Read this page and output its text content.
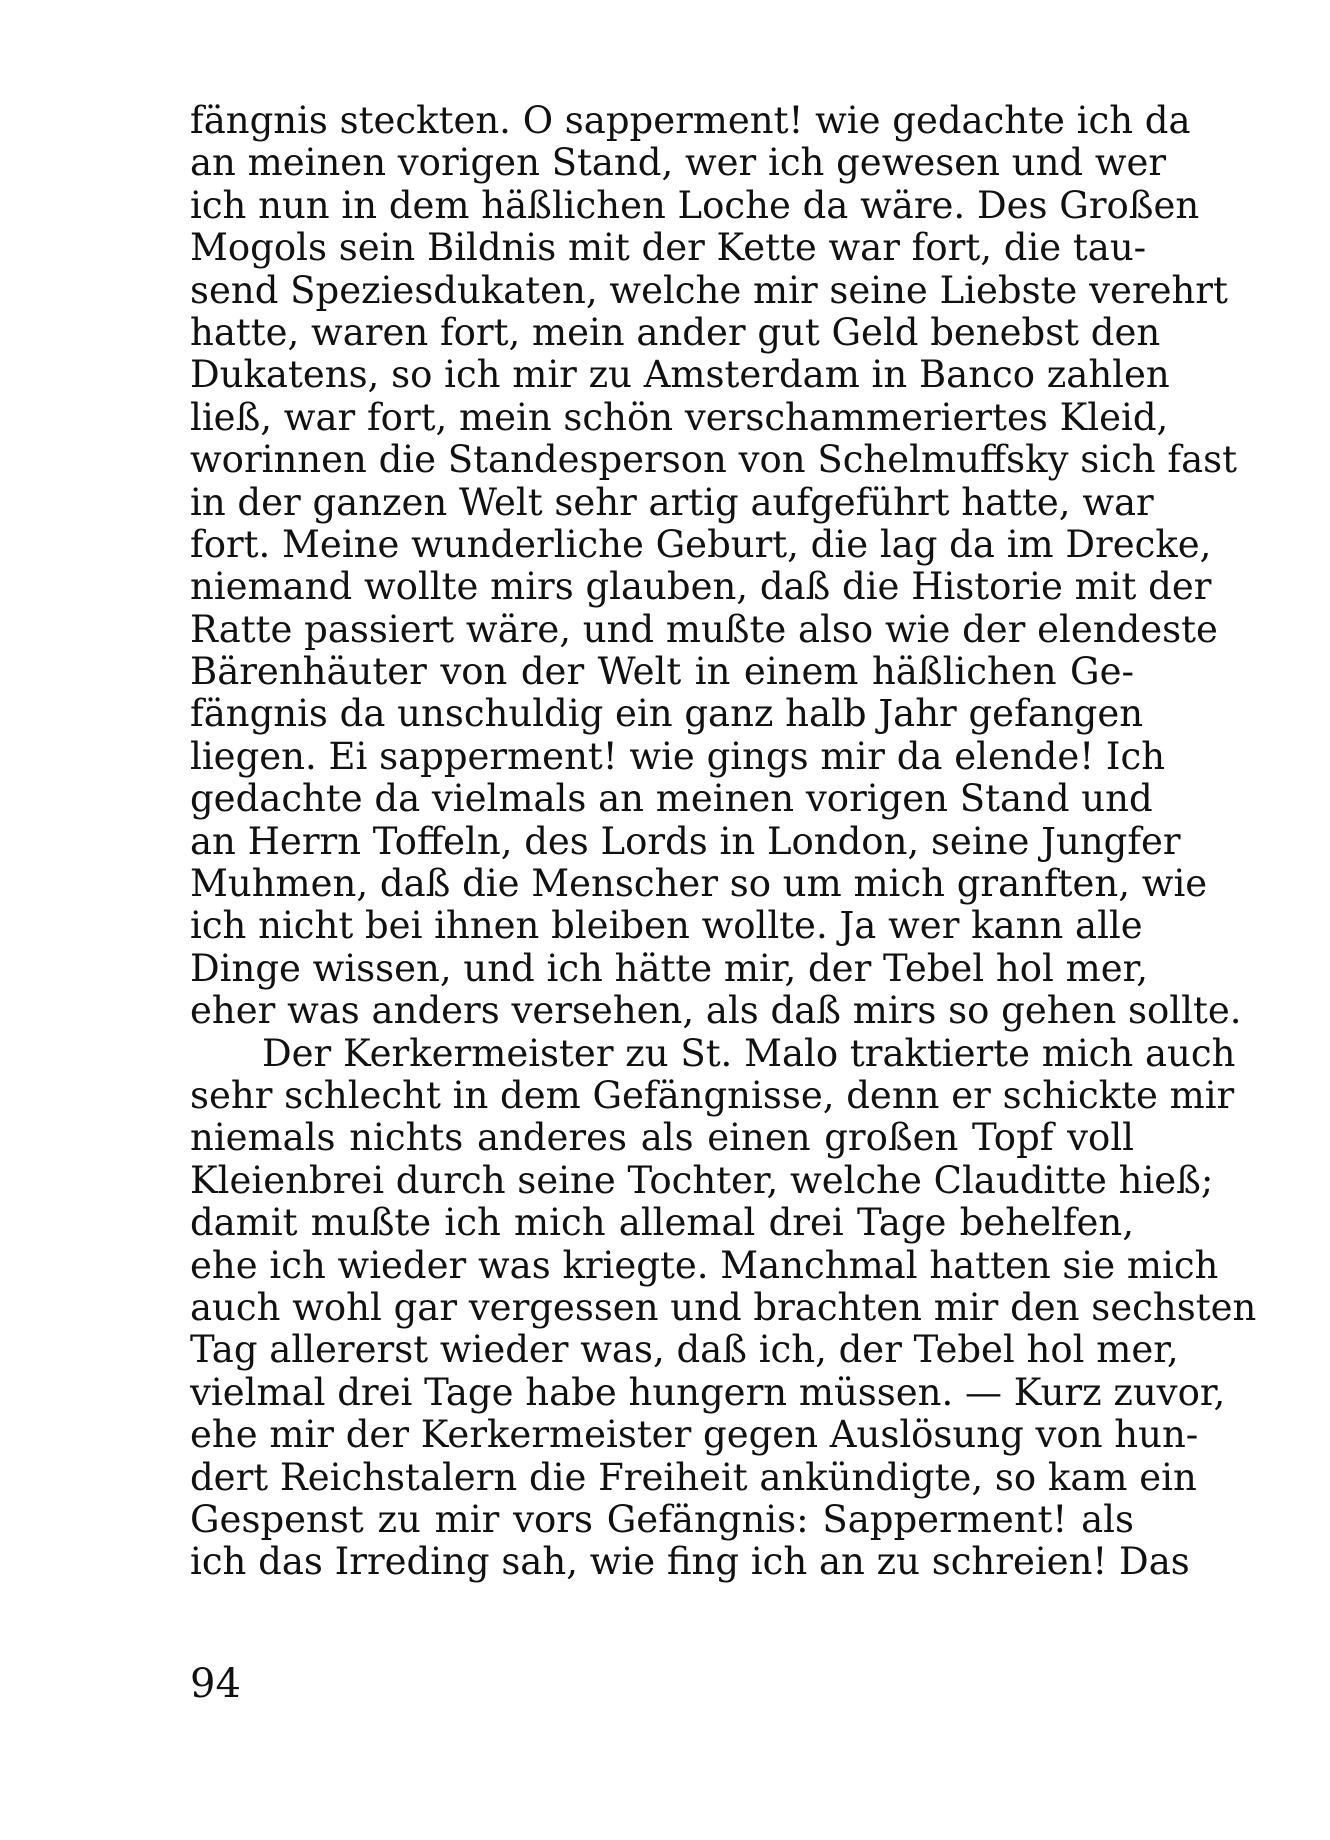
fängnis steckten. O sapperment! wie gedachte ich da
an meinen vorigen Stand, wer ich gewesen und wer
ich nun in dem häßlichen Loche da wäre. Des Großen
Mogols sein Bildnis mit der Kette war fort, die tau-
send Speziesdukaten, welche mir seine Liebste verehrt
hatte, waren fort, mein ander gut Geld benebst den
Dukatens, so ich mir zu Amsterdam in Banco zahlen
ließ, war fort, mein schön verschammeriertes Kleid,
worinnen die Standesperson von Schelmuffsky sich fast
in der ganzen Welt sehr artig aufgeführt hatte, war
fort. Meine wunderliche Geburt, die lag da im Drecke,
niemand wollte mirs glauben, daß die Historie mit der
Ratte passiert wäre, und mußte also wie der elendeste
Bärenhäuter von der Welt in einem häßlichen Ge-
fängnis da unschuldig ein ganz halb Jahr gefangen
liegen. Ei sapperment! wie gings mir da elende! Ich
gedachte da vielmals an meinen vorigen Stand und
an Herrn Toffeln, des Lords in London, seine Jungfer
Muhmen, daß die Menscher so um mich granften, wie
ich nicht bei ihnen bleiben wollte. Ja wer kann alle
Dinge wissen, und ich hätte mir, der Tebel hol mer,
eher was anders versehen, als daß mirs so gehen sollte.
Der Kerkermeister zu St. Malo traktierte mich auch
sehr schlecht in dem Gefängnisse, denn er schickte mir
niemals nichts anderes als einen großen Topf voll
Kleienbrei durch seine Tochter, welche Clauditte hieß;
damit mußte ich mich allemal drei Tage behelfen,
ehe ich wieder was kriegte. Manchmal hatten sie mich
auch wohl gar vergessen und brachten mir den sechsten
Tag allererst wieder was, daß ich, der Tebel hol mer,
vielmal drei Tage habe hungern müssen. — Kurz zuvor,
ehe mir der Kerkermeister gegen Auslösung von hun-
dert Reichstalern die Freiheit ankündigte, so kam ein
Gespenst zu mir vors Gefängnis: Sapperment! als
ich das Irreding sah, wie fing ich an zu schreien! Das
94
